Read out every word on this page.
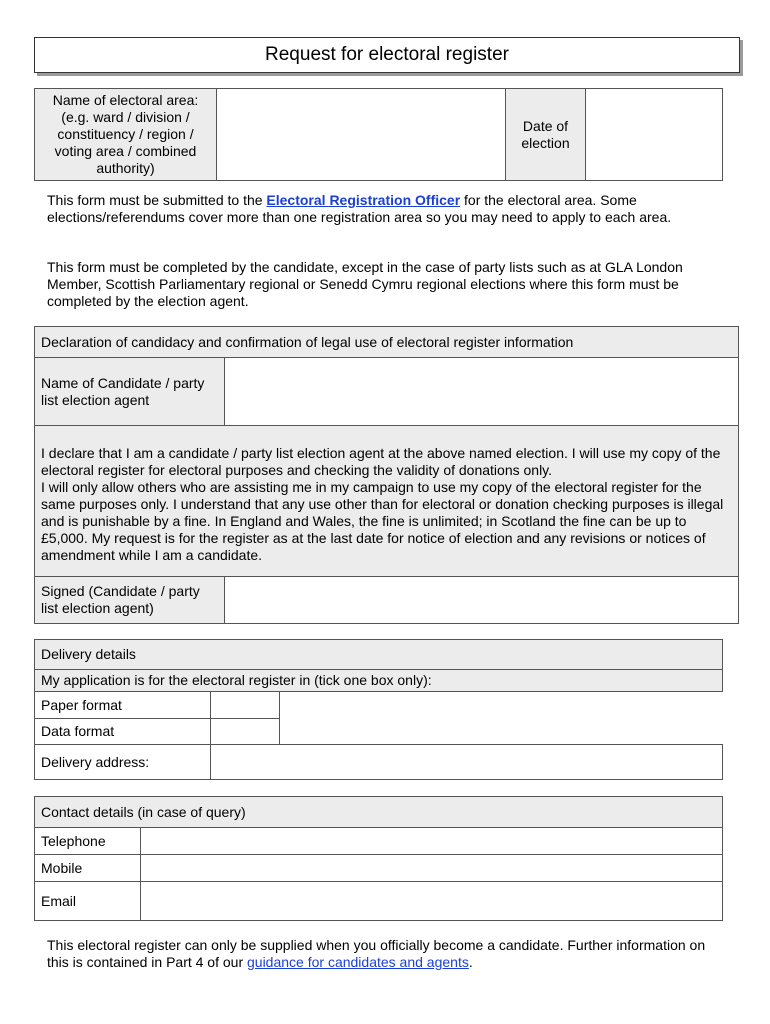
Request for electoral register
Name of electoral area: (e.g. ward / division / constituency / region / voting area / combined authority)		Date of election	
This form must be submitted to the Electoral Registration Officer for the electoral area. Some elections/referendums cover more than one registration area so you may need to apply to each area.
This form must be completed by the candidate, except in the case of party lists such as at GLA London Member, Scottish Parliamentary regional or Senedd Cymru regional elections where this form must be completed by the election agent.
Declaration of candidacy and confirmation of legal use of electoral register information	
Name of Candidate / party list election agent	

I declare that I am a candidate / party list election agent at the above named election. I will use my copy of the electoral register for electoral purposes and checking the validity of donations only.
I will only allow others who are assisting me in my campaign to use my copy of the electoral register for the same purposes only. I understand that any use other than for electoral or donation checking purposes is illegal and is punishable by a fine. In England and Wales, the fine is unlimited; in Scotland the fine can be up to £5,000. My request is for the register as at the last date for notice of election and any revisions or notices of amendment while I am a candidate.	

Signed (Candidate / party list election agent)	
Delivery details		
My application is for the electoral register in (tick one box only):		
Paper format		
Data format		
Delivery address:		
Contact details (in case of query)	
Telephone	
Mobile	
Email	
This electoral register can only be supplied when you officially become a candidate. Further information on this is contained in Part 4 of our guidance for candidates and agents.
